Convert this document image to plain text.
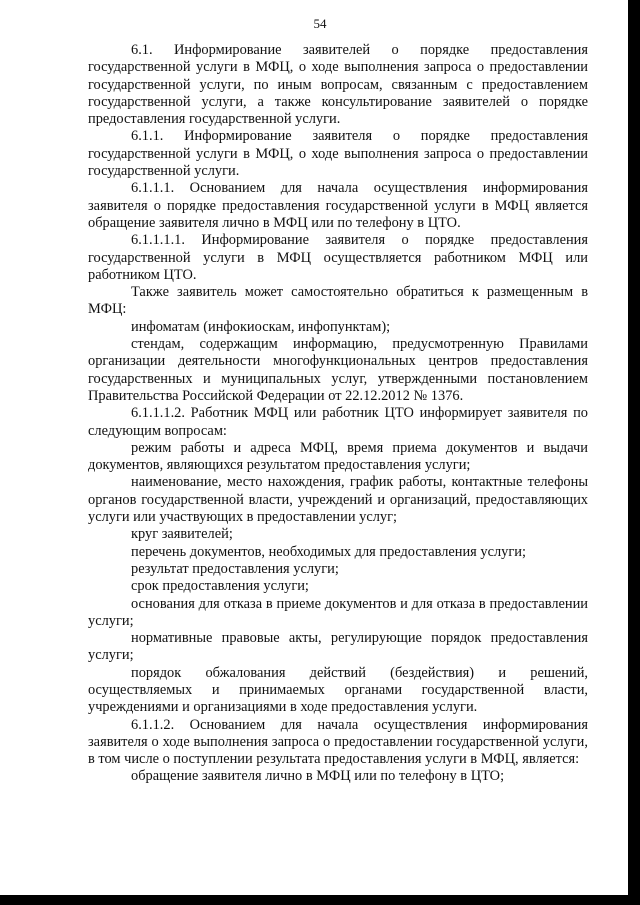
54

6.1. Информирование заявителей о порядке предоставления государственной услуги в МФЦ, о ходе выполнения запроса о предоставлении государственной услуги, по иным вопросам, связанным с предоставлением государственной услуги, а также консультирование заявителей о порядке предоставления государственной услуги.

6.1.1. Информирование заявителя о порядке предоставления государственной услуги в МФЦ, о ходе выполнения запроса о предоставлении государственной услуги.

6.1.1.1. Основанием для начала осуществления информирования заявителя о порядке предоставления государственной услуги в МФЦ является обращение заявителя лично в МФЦ или по телефону в ЦТО.

6.1.1.1.1. Информирование заявителя о порядке предоставления государственной услуги в МФЦ осуществляется работником МФЦ или работником ЦТО.

Также заявитель может самостоятельно обратиться к размещенным в МФЦ:

инфоматам (инфокиоскам, инфопунктам);

стендам, содержащим информацию, предусмотренную Правилами организации деятельности многофункциональных центров предоставления государственных и муниципальных услуг, утвержденными постановлением Правительства Российской Федерации от 22.12.2012 № 1376.

6.1.1.1.2. Работник МФЦ или работник ЦТО информирует заявителя по следующим вопросам:

режим работы и адреса МФЦ, время приема документов и выдачи документов, являющихся результатом предоставления услуги;

наименование, место нахождения, график работы, контактные телефоны органов государственной власти, учреждений и организаций, предоставляющих услуги или участвующих в предоставлении услуг;

круг заявителей;

перечень документов, необходимых для предоставления услуги;

результат предоставления услуги;

срок предоставления услуги;

основания для отказа в приеме документов и для отказа в предоставлении услуги;

нормативные правовые акты, регулирующие порядок предоставления услуги;

порядок обжалования действий (бездействия) и решений, осуществляемых и принимаемых органами государственной власти, учреждениями и организациями в ходе предоставления услуги.

6.1.1.2. Основанием для начала осуществления информирования заявителя о ходе выполнения запроса о предоставлении государственной услуги, в том числе о поступлении результата предоставления услуги в МФЦ, является:

обращение заявителя лично в МФЦ или по телефону в ЦТО;
